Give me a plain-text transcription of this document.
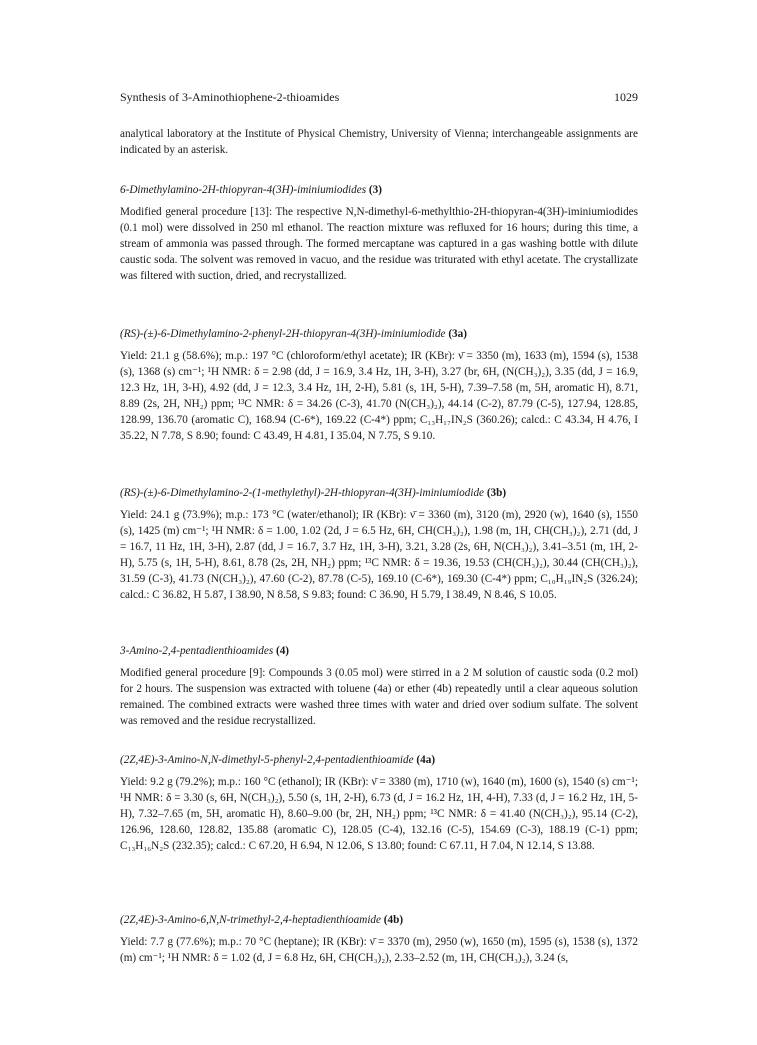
Synthesis of 3-Aminothiophene-2-thioamides	1029
analytical laboratory at the Institute of Physical Chemistry, University of Vienna; interchangeable assignments are indicated by an asterisk.
6-Dimethylamino-2H-thiopyran-4(3H)-iminiumiodides (3)
Modified general procedure [13]: The respective N,N-dimethyl-6-methylthio-2H-thiopyran-4(3H)-iminiumiodides (0.1 mol) were dissolved in 250 ml ethanol. The reaction mixture was refluxed for 16 hours; during this time, a stream of ammonia was passed through. The formed mercaptane was captured in a gas washing bottle with dilute caustic soda. The solvent was removed in vacuo, and the residue was triturated with ethyl acetate. The crystallizate was filtered with suction, dried, and recrystallized.
(RS)-(±)-6-Dimethylamino-2-phenyl-2H-thiopyran-4(3H)-iminiumiodide (3a)
Yield: 21.1 g (58.6%); m.p.: 197 °C (chloroform/ethyl acetate); IR (KBr): ν̄ = 3350 (m), 1633 (m), 1594 (s), 1538 (s), 1368 (s) cm⁻¹; ¹H NMR: δ = 2.98 (dd, J = 16.9, 3.4 Hz, 1H, 3-H), 3.27 (br, 6H, (N(CH₃)₂), 3.35 (dd, J = 16.9, 12.3 Hz, 1H, 3-H), 4.92 (dd, J = 12.3, 3.4 Hz, 1H, 2-H), 5.81 (s, 1H, 5-H), 7.39–7.58 (m, 5H, aromatic H), 8.71, 8.89 (2s, 2H, NH₂) ppm; ¹³C NMR: δ = 34.26 (C-3), 41.70 (N(CH₃)₂), 44.14 (C-2), 87.79 (C-5), 127.94, 128.85, 128.99, 136.70 (aromatic C), 168.94 (C-6*), 169.22 (C-4*) ppm; C₁₃H₁₇IN₂S (360.26); calcd.: C 43.34, H 4.76, I 35.22, N 7.78, S 8.90; found: C 43.49, H 4.81, I 35.04, N 7.75, S 9.10.
(RS)-(±)-6-Dimethylamino-2-(1-methylethyl)-2H-thiopyran-4(3H)-iminiumiodide (3b)
Yield: 24.1 g (73.9%); m.p.: 173 °C (water/ethanol); IR (KBr): ν̄ = 3360 (m), 3120 (m), 2920 (w), 1640 (s), 1550 (s), 1425 (m) cm⁻¹; ¹H NMR: δ = 1.00, 1.02 (2d, J = 6.5 Hz, 6H, CH(CH₃)₂), 1.98 (m, 1H, CH(CH₃)₂), 2.71 (dd, J = 16.7, 11 Hz, 1H, 3-H), 2.87 (dd, J = 16.7, 3.7 Hz, 1H, 3-H), 3.21, 3.28 (2s, 6H, N(CH₃)₂), 3.41–3.51 (m, 1H, 2-H), 5.75 (s, 1H, 5-H), 8.61, 8.78 (2s, 2H, NH₂) ppm; ¹³C NMR: δ = 19.36, 19.53 (CH(CH₃)₂), 30.44 (CH(CH₃)₂), 31.59 (C-3), 41.73 (N(CH₃)₂), 47.60 (C-2), 87.78 (C-5), 169.10 (C-6*), 169.30 (C-4*) ppm; C₁₀H₁₉IN₂S (326.24); calcd.: C 36.82, H 5.87, I 38.90, N 8.58, S 9.83; found: C 36.90, H 5.79, I 38.49, N 8.46, S 10.05.
3-Amino-2,4-pentadienthioamides (4)
Modified general procedure [9]: Compounds 3 (0.05 mol) were stirred in a 2 M solution of caustic soda (0.2 mol) for 2 hours. The suspension was extracted with toluene (4a) or ether (4b) repeatedly until a clear aqueous solution remained. The combined extracts were washed three times with water and dried over sodium sulfate. The solvent was removed and the residue recrystallized.
(2Z,4E)-3-Amino-N,N-dimethyl-5-phenyl-2,4-pentadienthioamide (4a)
Yield: 9.2 g (79.2%); m.p.: 160 °C (ethanol); IR (KBr): ν̄ = 3380 (m), 1710 (w), 1640 (m), 1600 (s), 1540 (s) cm⁻¹; ¹H NMR: δ = 3.30 (s, 6H, N(CH₃)₂), 5.50 (s, 1H, 2-H), 6.73 (d, J = 16.2 Hz, 1H, 4-H), 7.33 (d, J = 16.2 Hz, 1H, 5-H), 7.32–7.65 (m, 5H, aromatic H), 8.60–9.00 (br, 2H, NH₂) ppm; ¹³C NMR: δ = 41.40 (N(CH₃)₂), 95.14 (C-2), 126.96, 128.60, 128.82, 135.88 (aromatic C), 128.05 (C-4), 132.16 (C-5), 154.69 (C-3), 188.19 (C-1) ppm; C₁₃H₁₆N₂S (232.35); calcd.: C 67.20, H 6.94, N 12.06, S 13.80; found: C 67.11, H 7.04, N 12.14, S 13.88.
(2Z,4E)-3-Amino-6,N,N-trimethyl-2,4-heptadienthioamide (4b)
Yield: 7.7 g (77.6%); m.p.: 70 °C (heptane); IR (KBr): ν̄ = 3370 (m), 2950 (w), 1650 (m), 1595 (s), 1538 (s), 1372 (m) cm⁻¹; ¹H NMR: δ = 1.02 (d, J = 6.8 Hz, 6H, CH(CH₃)₂), 2.33–2.52 (m, 1H, CH(CH₃)₂), 3.24 (s,
